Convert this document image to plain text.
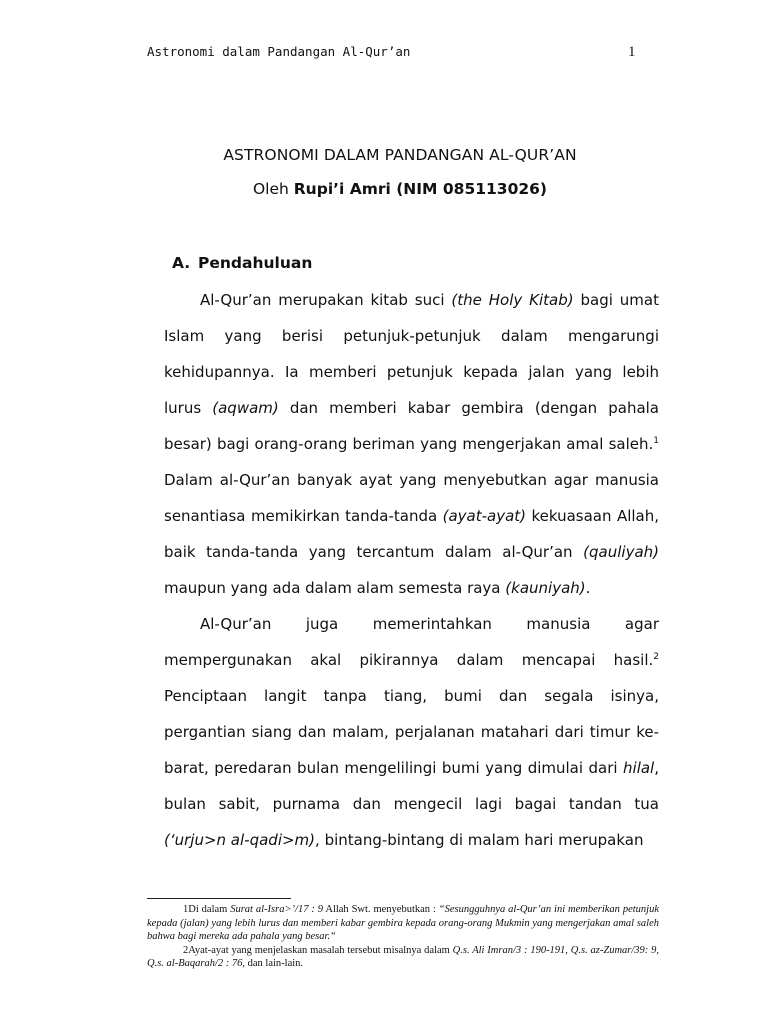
Astronomi dalam Pandangan Al-Qur’an	1
ASTRONOMI DALAM PANDANGAN AL-QUR’AN
Oleh Rupi’i Amri (NIM 085113026)
A. Pendahuluan

Al-Qur’an merupakan kitab suci (the Holy Kitab) bagi umat Islam yang berisi petunjuk-petunjuk dalam mengarungi kehidupannya. Ia memberi petunjuk kepada jalan yang lebih lurus (aqwam) dan memberi kabar gembira (dengan pahala besar) bagi orang-orang beriman yang mengerjakan amal saleh.$^1$ Dalam al-Qur’an banyak ayat yang menyebutkan agar manusia senantiasa memikirkan tanda-tanda (ayat-ayat) kekuasaan Allah, baik tanda-tanda yang tercantum dalam al-Qur’an (qauliyah) maupun yang ada dalam alam semesta raya (kauniyah).

Al-Qur’an juga memerintahkan manusia agar mempergunakan akal pikirannya dalam mencapai hasil.$^2$ Penciptaan langit tanpa tiang, bumi dan segala isinya, pergantian siang dan malam, perjalanan matahari dari timur ke-barat, peredaran bulan mengelilingi bumi yang dimulai dari hilal, bulan sabit, purnama dan mengecil lagi bagai tandan tua (‘urju>n al-qadi>m), bintang-bintang di malam hari merupakan

1Di dalam Surat al-Isra>’/17 : 9 Allah Swt. menyebutkan : “Sesungguhnya al-Qur’an ini memberikan petunjuk kepada (jalan) yang lebih lurus dan memberi kabar gembira kepada orang-orang Mukmin yang mengerjakan amal saleh bahwa bagi mereka ada pahala yang besar.“

2Ayat-ayat yang menjelaskan masalah tersebut misalnya dalam Q.s. Ali Imran/3 : 190-191, Q.s. az-Zumar/39: 9, Q.s. al-Baqarah/2 : 76, dan lain-lain.
